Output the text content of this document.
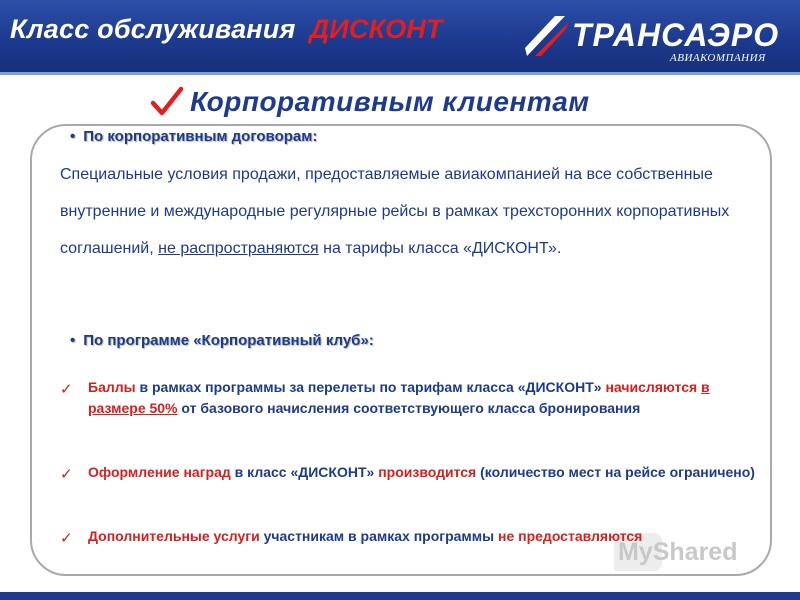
Класс обслуживания ДИСКОНТ	ТРАНСАЭРО
АВИАКОМПАНИЯ
Корпоративным клиентам
• По корпоративным договорам:

Специальные условия продажи, предоставляемые авиакомпанией на все собственные внутренние и международные регулярные рейсы в рамках трехсторонних корпоративных соглашений, не распространяются на тарифы класса «ДИСКОНТ».

• По программе «Корпоративный клуб»:
✓ Баллы в рамках программы за перелеты по тарифам класса «ДИСКОНТ» начисляются в размере 50% от базового начисления соответствующего класса бронирования
✓ Оформление наград в класс «ДИСКОНТ» производится (количество мест на рейсе ограничено)
MyShared
✓ Дополнительные услуги участникам в рамках программы не предоставляются
